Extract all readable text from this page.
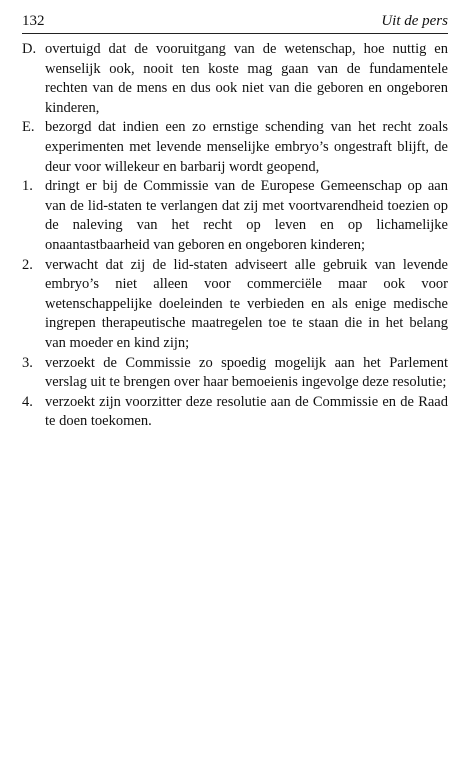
132	Uit de pers
D. overtuigd dat de vooruitgang van de wetenschap, hoe nuttig en wenselijk ook, nooit ten koste mag gaan van de fundamentele rechten van de mens en dus ook niet van die geboren en ongeboren kinderen,
E. bezorgd dat indien een zo ernstige schending van het recht zoals experimenten met levende menselijke embryo’s ongestraft blijft, de deur voor willekeur en barbarij wordt geopend,
1. dringt er bij de Commissie van de Europese Gemeenschap op aan van de lid-staten te verlangen dat zij met voortvarendheid toezien op de naleving van het recht op leven en op lichamelijke onaantastbaarheid van geboren en ongeboren kinderen;
2. verwacht dat zij de lid-staten adviseert alle gebruik van levende embryo’s niet alleen voor commerciële maar ook voor wetenschappelijke doeleinden te verbieden en als enige medische ingrepen therapeutische maatregelen toe te staan die in het belang van moeder en kind zijn;
3. verzoekt de Commissie zo spoedig mogelijk aan het Parlement verslag uit te brengen over haar bemoeienis ingevolge deze resolutie;
4. verzoekt zijn voorzitter deze resolutie aan de Commissie en de Raad te doen toekomen.
